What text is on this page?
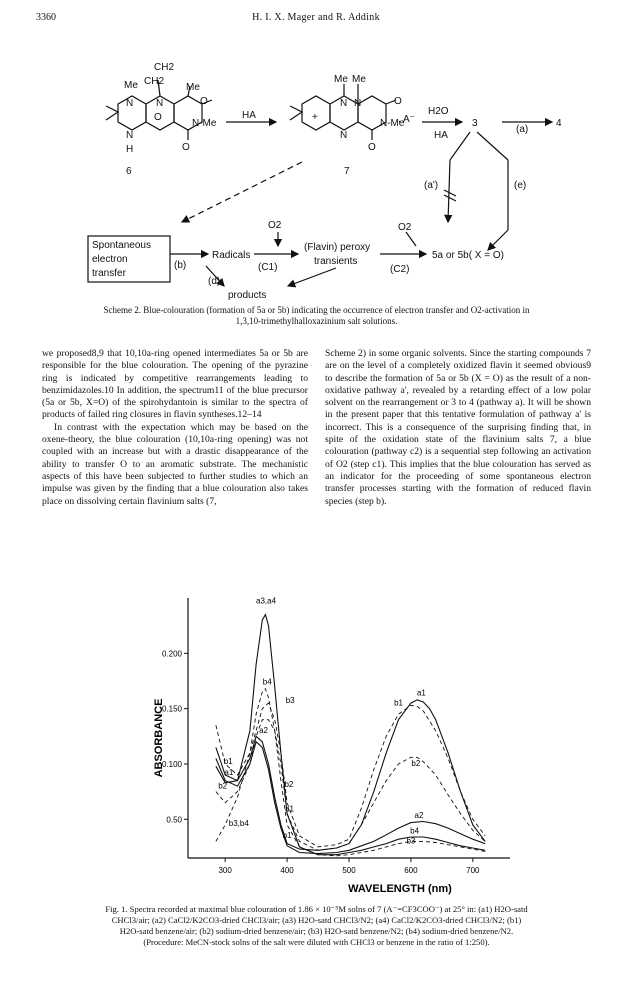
3360	H. I. X. Mager and R. Addink
CH2
Me CH2
Me
N N	O
O
N-Me
N
H	O
6
HA
Me Me
N N	O
+
N-Me
N
O
7
, A⁻
H2O
HA
3
(a)
4
(a')	(e)
Spontaneous
electron
transfer
(b)
Radicals
O2
(C1)
(Flavin) peroxy
transients
O2
(C2)
5a or 5b( X = O)
(d)
products
Scheme 2. Blue-colouration (formation of 5a or 5b) indicating the occurrence of electron transfer and O2-activation in
1,3,10-trimethylhalloxazinium salt solutions.

we proposed8,9 that 10,10a-ring opened intermediates 5a or 5b are responsible for the blue colouration. The opening of the pyrazine ring is indicated by competitive rearrangements leading to benzimidazoles.10 In addition, the spectrum11 of the blue precursor (5a or 5b, X=O) of the spirohydantoin is similar to the spectra of products of failed ring closures in flavin syntheses.12–14

In contrast with the expectation which may be based on the oxene-theory, the blue colouration (10,10a-ring opening) was not coupled with an increase but with a drastic disappearance of the ability to transfer O to an aromatic substrate. The mechanistic aspects of this have been subjected to further studies to which an impulse was given by the finding that a blue colouration also takes place on dissolving certain flavinium salts (7,

Scheme 2) in some organic solvents. Since the starting compounds 7 are on the level of a completely oxidized flavin it seemed obvious9 to describe the formation of 5a or 5b (X = O) as the result of a non-oxidative pathway a', revealed by a retarding effect of a low polar solvent on the rearrangement or 3 to 4 (pathway a). It will be shown in the present paper that this tentative formulation of pathway a' is incorrect. This is a consequence of the surprising finding that, in spite of the oxidation state of the flavinium salts 7, a blue colouration (pathway c2) is a sequential step following an activation of O2 (step c1). This implies that the blue colouration has served as an indicator for the proceeding of some spontaneous electron transfer processes starting with the formation of reduced flavin species (step b).

300	400	500	600	700
0.50
0.100
0.150
0.200
a3,a4
b4
b3
a2
b1
a1
b2	b2
a1
b3,b4
b1
a1
b1
b2
a2
b4
b3
WAVELENGTH (nm)
ABSORBANCE
Fig. 1. Spectra recorded at maximal blue colouration of 1.86 × 10⁻⁵M solns of 7 (A⁻=CF3COO⁻) at 25° in: (a1) H2O-satd
CHCl3/air; (a2) CaCl2/K2CO3-dried CHCl3/air; (a3) H2O-satd CHCl3/N2; (a4) CaCl2/K2CO3-dried CHCl3/N2; (b1)
H2O-satd benzene/air; (b2) sodium-dried benzene/air; (b3) H2O-satd benzene/N2; (b4) sodium-dried benzene/N2.
(Procedure: MeCN-stock solns of the salt were diluted with CHCl3 or benzene in the ratio of 1:250).
